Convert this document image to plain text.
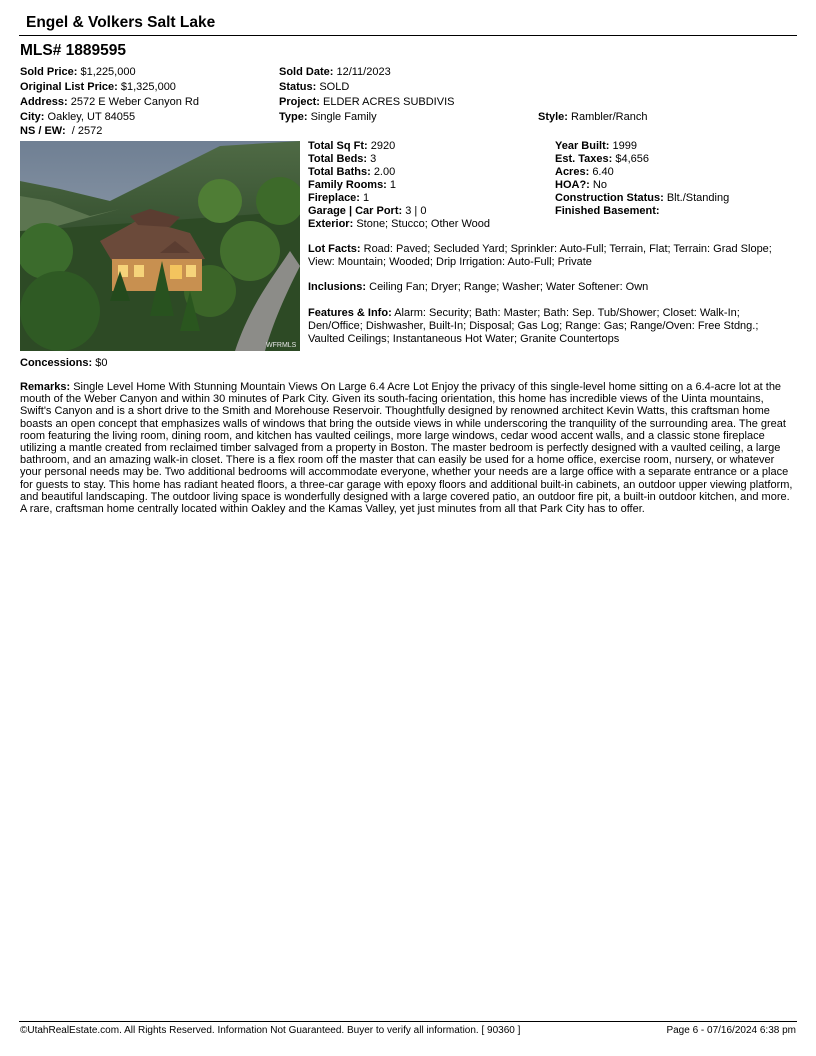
Engel & Volkers Salt Lake
MLS# 1889595
Sold Price: $1,225,000
Original List Price: $1,325,000
Address: 2572 E Weber Canyon Rd
City: Oakley, UT 84055
NS / EW:  / 2572
Sold Date: 12/11/2023
Status: SOLD
Project: ELDER ACRES SUBDIVIS
Type: Single Family	Style: Rambler/Ranch
WFRMLS
Total Sq Ft: 2920
Total Beds: 3
Total Baths: 2.00
Family Rooms: 1
Fireplace: 1
Garage | Car Port: 3 | 0
Exterior: Stone; Stucco; Other Wood
Year Built: 1999
Est. Taxes: $4,656
Acres: 6.40
HOA?: No
Construction Status: Blt./Standing
Finished Basement:
Lot Facts: Road: Paved; Secluded Yard; Sprinkler: Auto-Full; Terrain, Flat; Terrain: Grad Slope; View: Mountain; Wooded; Drip Irrigation: Auto-Full; Private
Inclusions: Ceiling Fan; Dryer; Range; Washer; Water Softener: Own
Features & Info: Alarm: Security; Bath: Master; Bath: Sep. Tub/Shower; Closet: Walk-In; Den/Office; Dishwasher, Built-In; Disposal; Gas Log; Range: Gas; Range/Oven: Free Stdng.; Vaulted Ceilings; Instantaneous Hot Water; Granite Countertops
Concessions: $0
Remarks: Single Level Home With Stunning Mountain Views On Large 6.4 Acre Lot Enjoy the privacy of this single-level home sitting on a 6.4-acre lot at the mouth of the Weber Canyon and within 30 minutes of Park City. Given its south-facing orientation, this home has incredible views of the Uinta mountains, Swift's Canyon and is a short drive to the Smith and Morehouse Reservoir. Thoughtfully designed by renowned architect Kevin Watts, this craftsman home boasts an open concept that emphasizes walls of windows that bring the outside views in while underscoring the tranquility of the surrounding area. The great room featuring the living room, dining room, and kitchen has vaulted ceilings, more large windows, cedar wood accent walls, and a classic stone fireplace utilizing a mantle created from reclaimed timber salvaged from a property in Boston. The master bedroom is perfectly designed with a vaulted ceiling, a large bathroom, and an amazing walk-in closet. There is a flex room off the master that can easily be used for a home office, exercise room, nursery, or whatever your personal needs may be. Two additional bedrooms will accommodate everyone, whether your needs are a large office with a separate entrance or a place for guests to stay. This home has radiant heated floors, a three-car garage with epoxy floors and additional built-in cabinets, an outdoor upper viewing platform, and beautiful landscaping. The outdoor living space is wonderfully designed with a large covered patio, an outdoor fire pit, a built-in outdoor kitchen, and more. A rare, craftsman home centrally located within Oakley and the Kamas Valley, yet just minutes from all that Park City has to offer.
©UtahRealEstate.com. All Rights Reserved. Information Not Guaranteed. Buyer to verify all information. [ 90360 ]	Page 6 - 07/16/2024 6:38 pm
